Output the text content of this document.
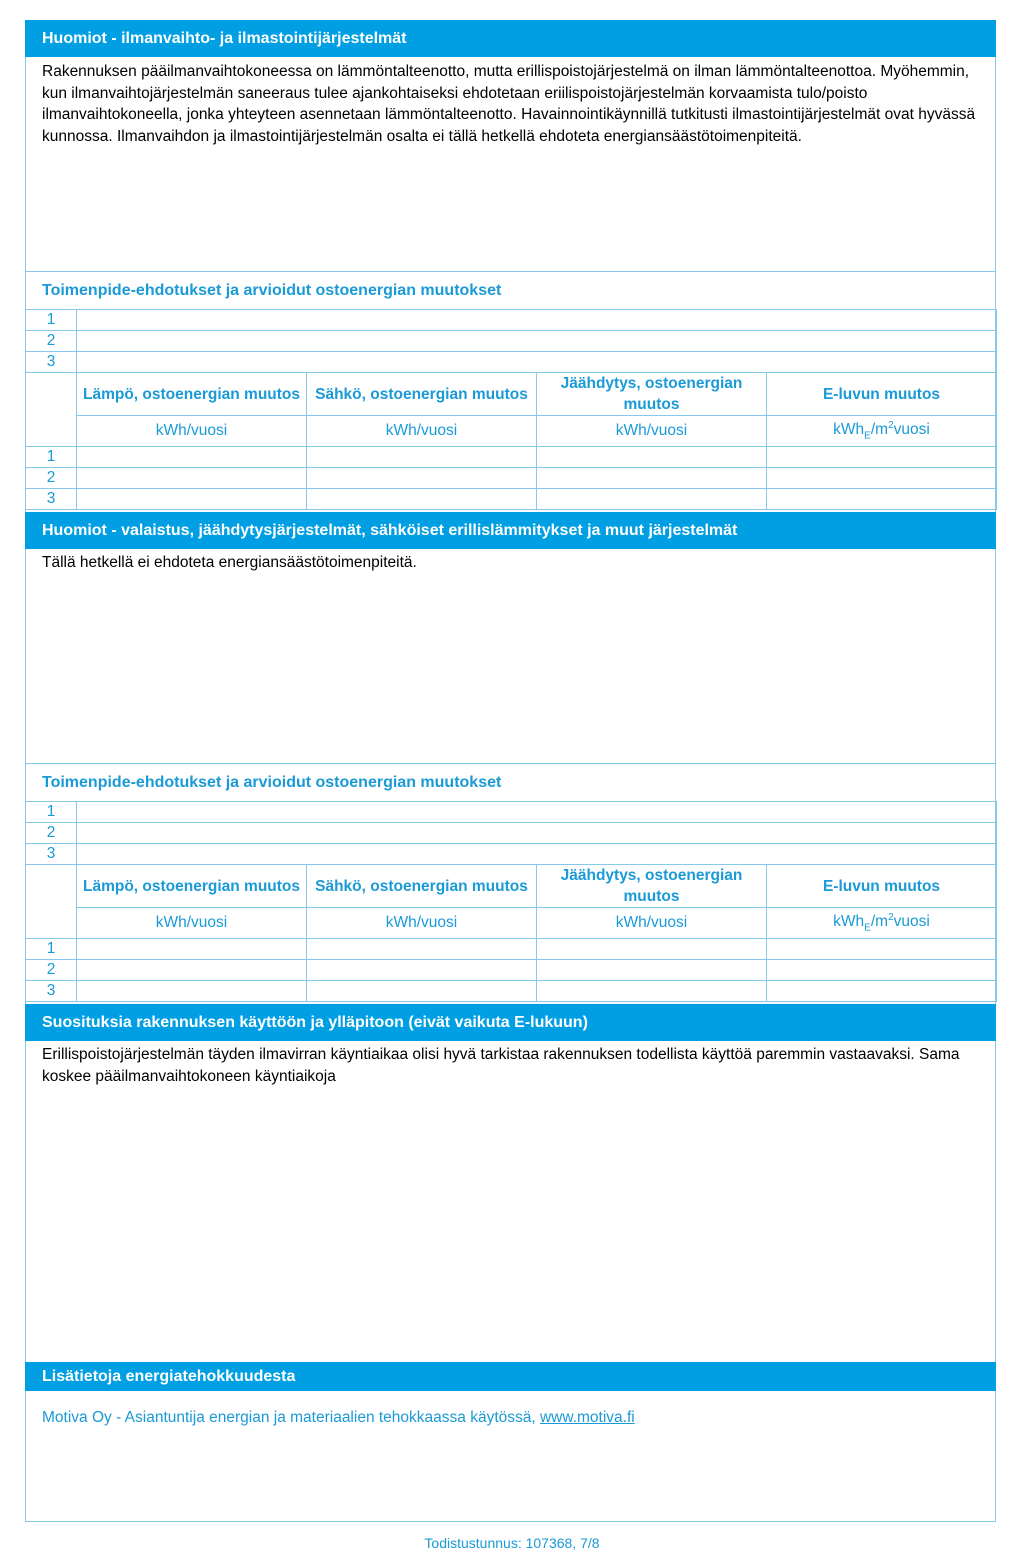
Huomiot - ilmanvaihto- ja ilmastointijärjestelmät
Rakennuksen pääilmanvaihtokoneessa on lämmöntalteenotto, mutta erillispoistojärjestelmä on ilman lämmöntalteenottoa. Myöhemmin, kun ilmanvaihtojärjestelmän saneeraus tulee ajankohtaiseksi ehdotetaan eriilispoistojärjestelmän korvaamista tulo/poisto ilmanvaihtokoneella, jonka yhteyteen asennetaan lämmöntalteenotto. Havainnointikäynnillä tutkitusti ilmastointijärjestelmät ovat hyvässä kunnossa. Ilmanvaihdon ja ilmastointijärjestelmän osalta ei tällä hetkellä ehdoteta energiansäästötoimenpiteitä.
Toimenpide-ehdotukset ja arvioidut ostoenergian muutokset
1				
2				
3				
	Lämpö, ostoenergian muutos	Sähkö, ostoenergian muutos	Jäähdytys, ostoenergian muutos	E-luvun muutos
	kWh/vuosi	kWh/vuosi	kWh/vuosi	$kWh_E/m^2vuosi$
1				
2				
3				
Huomiot - valaistus, jäähdytysjärjestelmät, sähköiset erillislämmitykset ja muut järjestelmät
Tällä hetkellä ei ehdoteta energiansäästötoimenpiteitä.
Toimenpide-ehdotukset ja arvioidut ostoenergian muutokset
1				
2				
3				
	Lämpö, ostoenergian muutos	Sähkö, ostoenergian muutos	Jäähdytys, ostoenergian muutos	E-luvun muutos
	kWh/vuosi	kWh/vuosi	kWh/vuosi	$kWh_E/m^2vuosi$
1				
2				
3				
Suosituksia rakennuksen käyttöön ja ylläpitoon (eivät vaikuta E-lukuun)
Erillispoistojärjestelmän täyden ilmavirran käyntiaikaa olisi hyvä tarkistaa rakennuksen todellista käyttöä paremmin vastaavaksi. Sama koskee pääilmanvaihtokoneen käyntiaikoja
Lisätietoja energiatehokkuudesta
Motiva Oy - Asiantuntija energian ja materiaalien tehokkaassa käytössä, www.motiva.fi
Todistustunnus: 107368, 7/8
